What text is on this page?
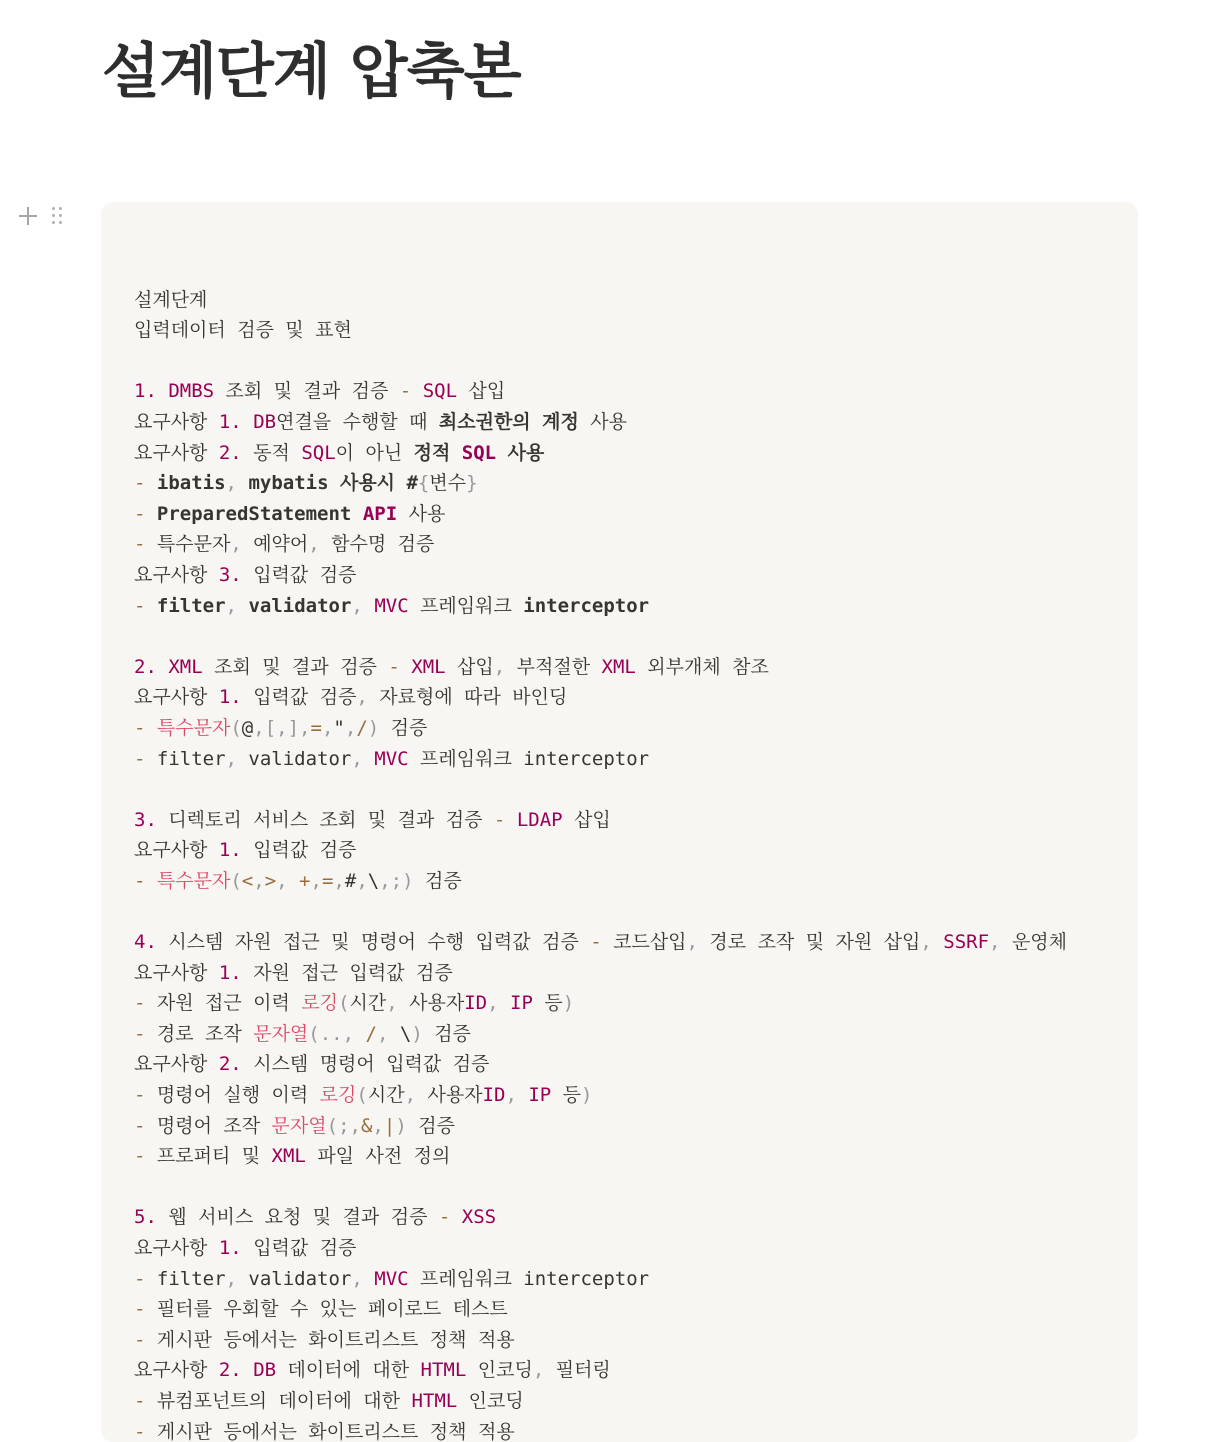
설계단계 압축본
설계단계
입력데이터 검증 및 표현
1. DMBS 조회 및 결과 검증 - SQL 삽입
요구사항 1. DB연결을 수행할 때 최소권한의 계정 사용
요구사항 2. 동적 SQL이 아닌 정적 SQL 사용
- ibatis, mybatis 사용시 #{변수}
- PreparedStatement API 사용
- 특수문자, 예약어, 함수명 검증
요구사항 3. 입력값 검증
- filter, validator, MVC 프레임워크 interceptor
2. XML 조회 및 결과 검증 - XML 삽입, 부적절한 XML 외부개체 참조
요구사항 1. 입력값 검증, 자료형에 따라 바인딩
- 특수문자(@,[,],=,",/) 검증
- filter, validator, MVC 프레임워크 interceptor
3. 디렉토리 서비스 조회 및 결과 검증 - LDAP 삽입
요구사항 1. 입력값 검증
- 특수문자(<,>, +,=,#,\,;) 검증
4. 시스템 자원 접근 및 명령어 수행 입력값 검증 - 코드삽입, 경로 조작 및 자원 삽입, SSRF, 운영체
요구사항 1. 자원 접근 입력값 검증
- 자원 접근 이력 로깅(시간, 사용자ID, IP 등)
- 경로 조작 문자열(.., /, \) 검증
요구사항 2. 시스템 명령어 입력값 검증
- 명령어 실행 이력 로깅(시간, 사용자ID, IP 등)
- 명령어 조작 문자열(;,&,|) 검증
- 프로퍼티 및 XML 파일 사전 정의
5. 웹 서비스 요청 및 결과 검증 - XSS
요구사항 1. 입력값 검증
- filter, validator, MVC 프레임워크 interceptor
- 필터를 우회할 수 있는 페이로드 테스트
- 게시판 등에서는 화이트리스트 정책 적용
요구사항 2. DB 데이터에 대한 HTML 인코딩, 필터링
- 뷰컴포넌트의 데이터에 대한 HTML 인코딩
- 게시판 등에서는 화이트리스트 정책 적용
